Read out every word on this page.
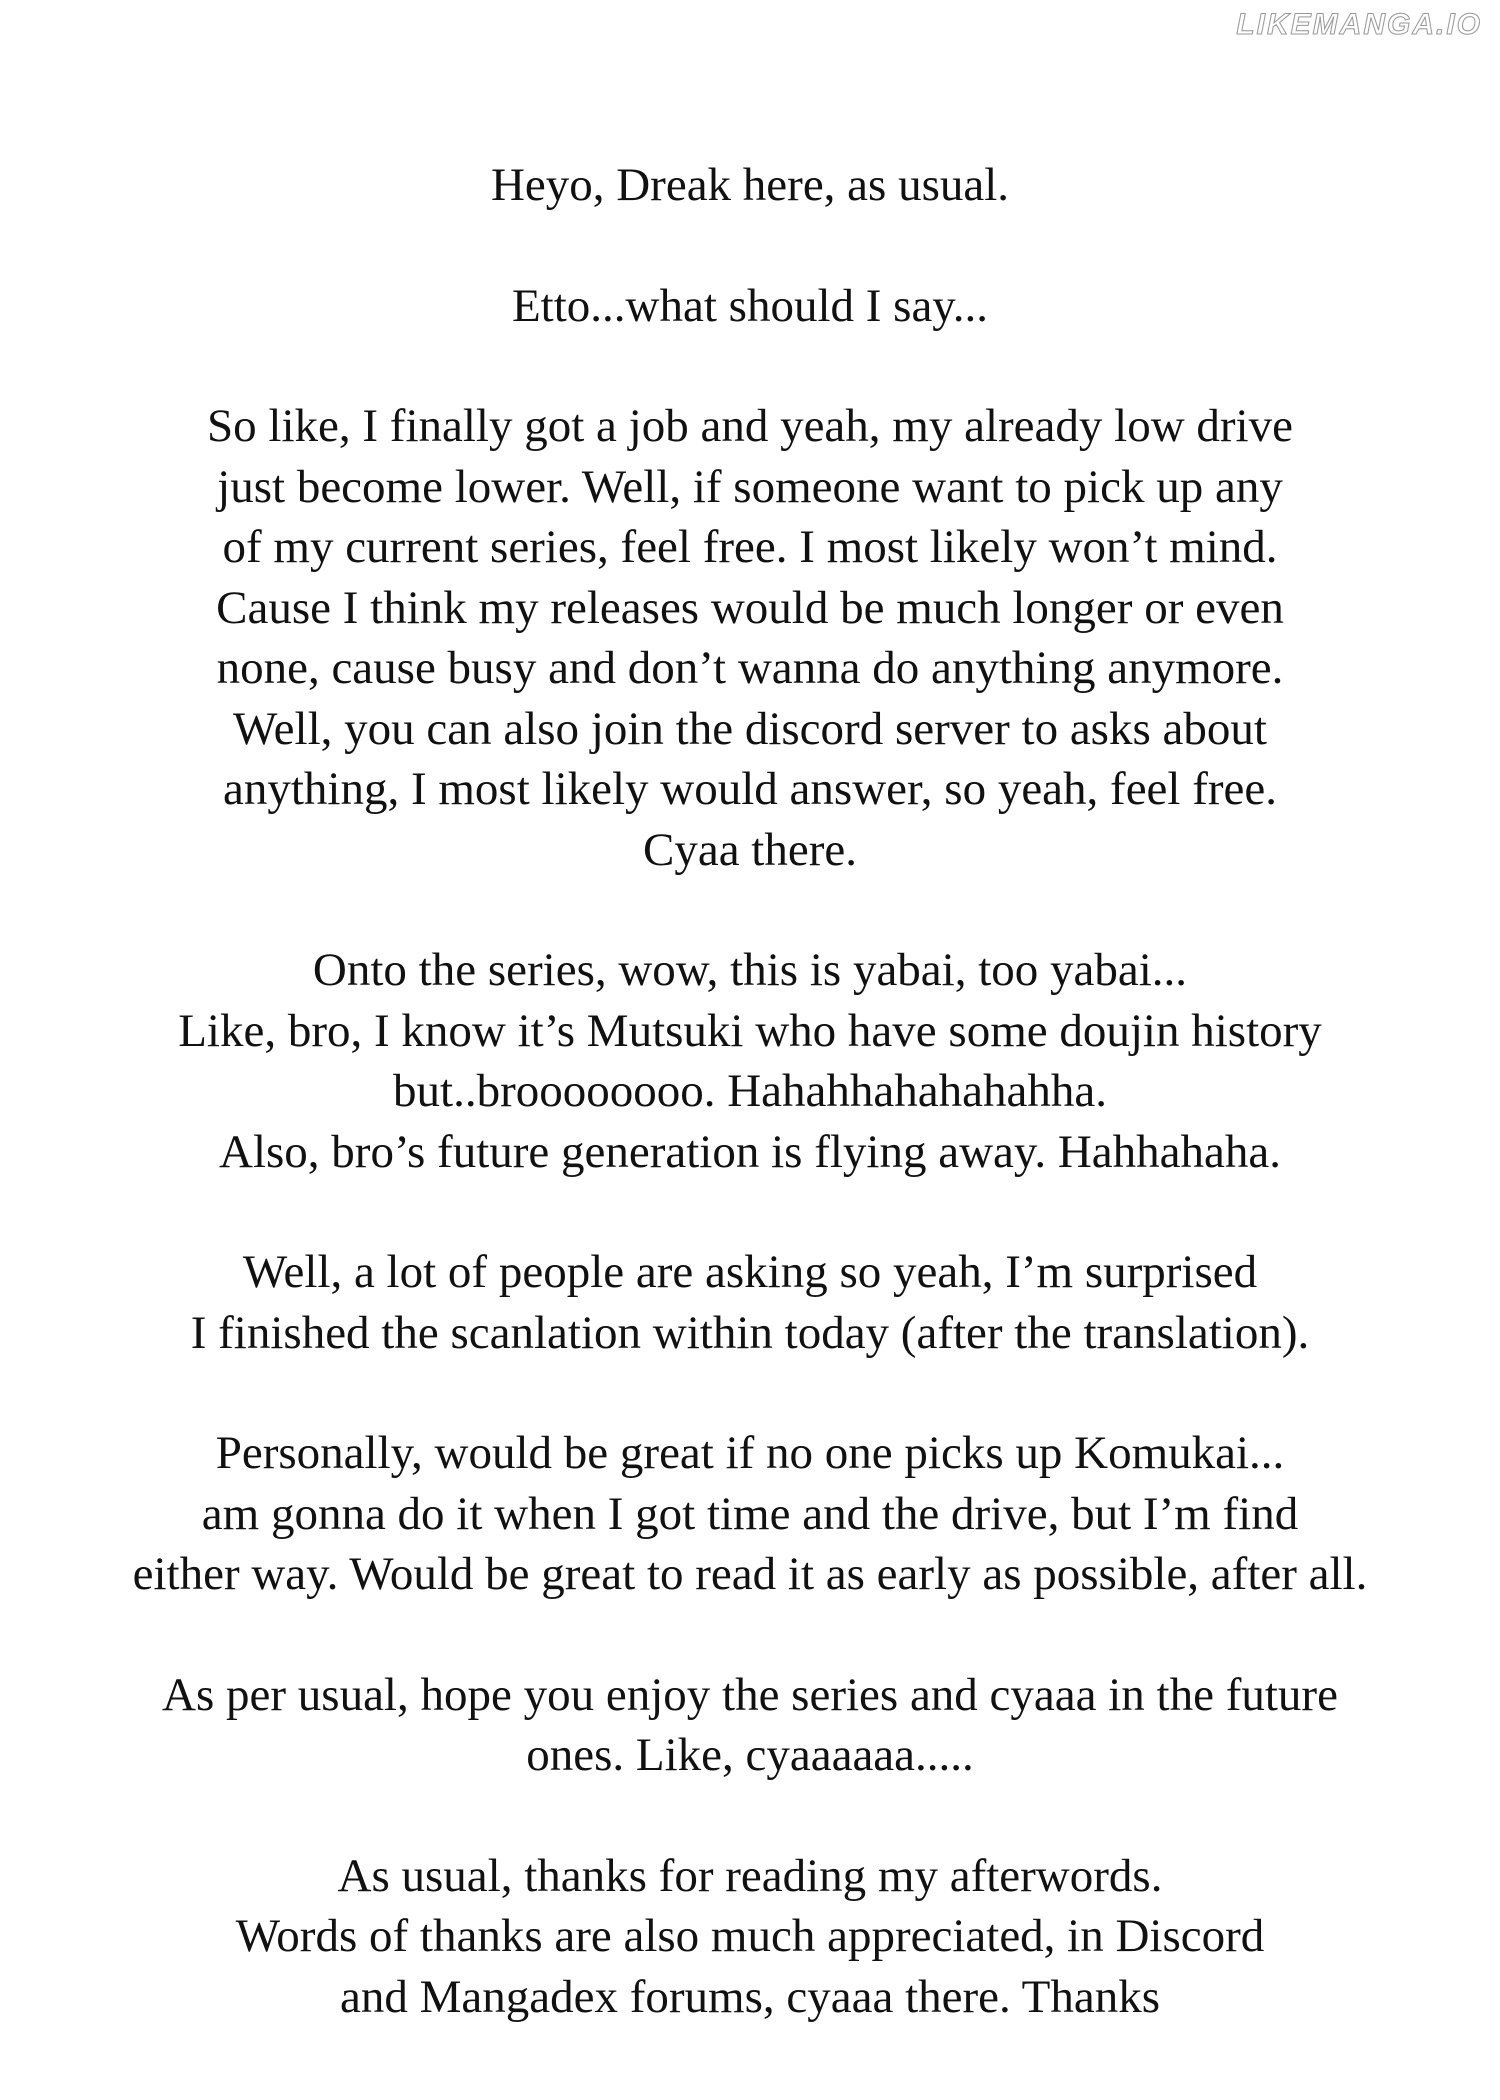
LIKEMANGA.IO
Heyo, Dreak here, as usual.
Etto...what should I say...
So like, I finally got a job and yeah, my already low drive
just become lower. Well, if someone want to pick up any
of my current series, feel free. I most likely won’t mind.
Cause I think my releases would be much longer or even
none, cause busy and don’t wanna do anything anymore.
Well, you can also join the discord server to asks about
anything, I most likely would answer, so yeah, feel free.
Cyaa there.
Onto the series, wow, this is yabai, too yabai...
Like, bro, I know it’s Mutsuki who have some doujin history
but..broooooooo. Hahahhahahahahha.
Also, bro’s future generation is flying away. Hahhahaha.
Well, a lot of people are asking so yeah, I’m surprised
I finished the scanlation within today (after the translation).
Personally, would be great if no one picks up Komukai...
am gonna do it when I got time and the drive, but I’m find
either way. Would be great to read it as early as possible, after all.
As per usual, hope you enjoy the series and cyaaa in the future
ones. Like, cyaaaaaa.....
As usual, thanks for reading my afterwords.
Words of thanks are also much appreciated, in Discord
and Mangadex forums, cyaaa there. Thanks
